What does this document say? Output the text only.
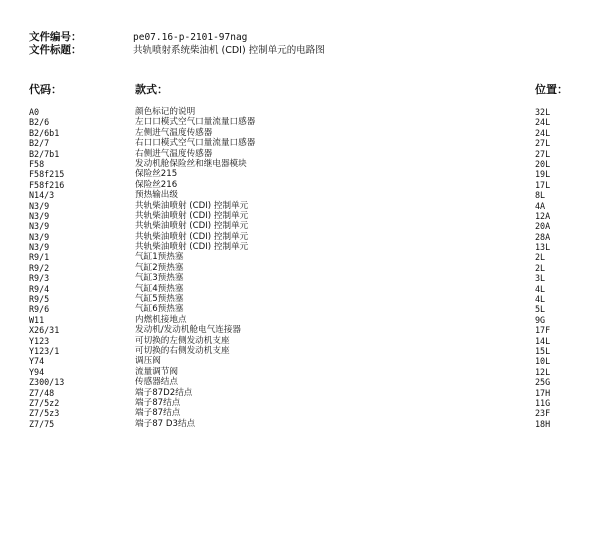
文件编号：	pe07.16-p-2101-97nag
文件标题：	共轨喷射系统柴油机 (CDI) 控制单元的电路图
代码：	款式：	位置：
A0	颜色标记的说明	32L
B2/6	左口口模式空气口量流量口感器	24L
B2/6b1	左侧进气温度传感器	24L
B2/7	右口口模式空气口量流量口感器	27L
B2/7b1	右侧进气温度传感器	27L
F58	发动机舱保险丝和继电器模块	20L
F58f215	保险丝215	19L
F58f216	保险丝216	17L
N14/3	预热输出级	8L
N3/9	共轨柴油喷射 (CDI) 控制单元	4A
N3/9	共轨柴油喷射 (CDI) 控制单元	12A
N3/9	共轨柴油喷射 (CDI) 控制单元	20A
N3/9	共轨柴油喷射 (CDI) 控制单元	28A
N3/9	共轨柴油喷射 (CDI) 控制单元	13L
R9/1	气缸1预热塞	2L
R9/2	气缸2预热塞	2L
R9/3	气缸3预热塞	3L
R9/4	气缸4预热塞	4L
R9/5	气缸5预热塞	4L
R9/6	气缸6预热塞	5L
W11	内燃机接地点	9G
X26/31	发动机/发动机舱电气连接器	17F
Y123	可切换的左侧发动机支座	14L
Y123/1	可切换的右侧发动机支座	15L
Y74	调压阀	10L
Y94	流量调节阀	12L
Z300/13	传感器结点	25G
Z7/48	端子87D2结点	17H
Z7/5z2	端子87结点	11G
Z7/5z3	端子87结点	23F
Z7/75	端子87 D3结点	18H
